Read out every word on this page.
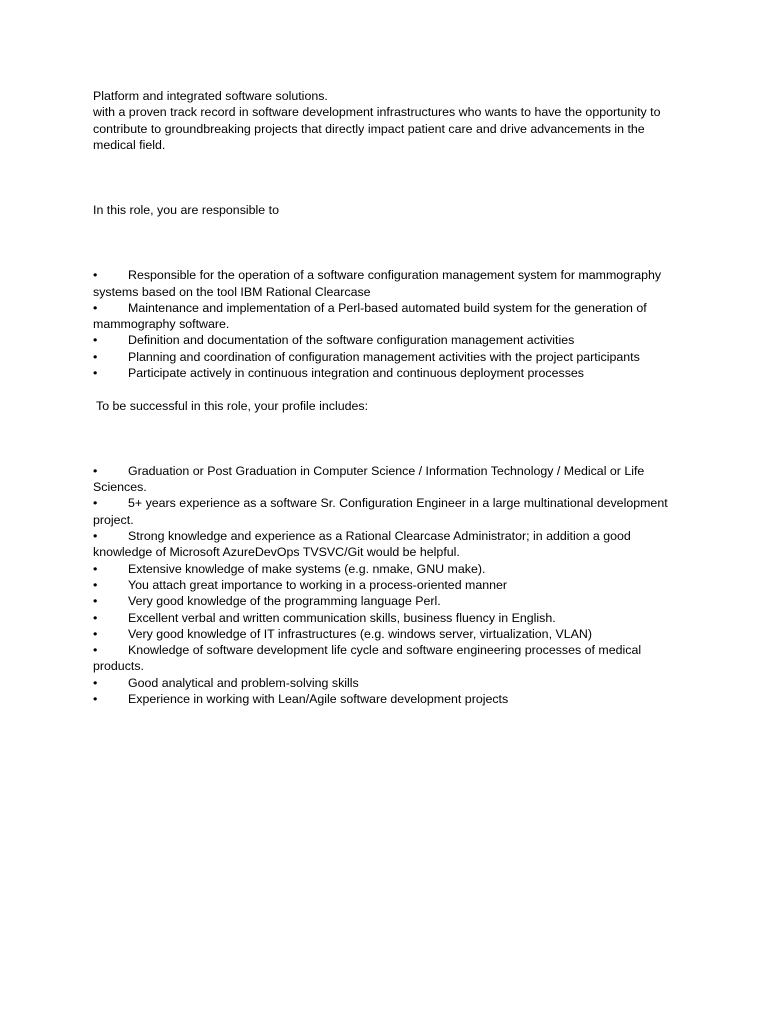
Platform and integrated software solutions.

with a proven track record in software development infrastructures who wants to have the opportunity to contribute to groundbreaking projects that directly impact patient care and drive advancements in the medical field.

In this role, you are responsible to

• Responsible for the operation of a software configuration management system for mammography systems based on the tool IBM Rational Clearcase
• Maintenance and implementation of a Perl-based automated build system for the generation of mammography software.
• Definition and documentation of the software configuration management activities
• Planning and coordination of configuration management activities with the project participants
• Participate actively in continuous integration and continuous deployment processes

To be successful in this role, your profile includes:

• Graduation or Post Graduation in Computer Science / Information Technology / Medical or Life Sciences.
• 5+ years experience as a software Sr. Configuration Engineer in a large multinational development project.
• Strong knowledge and experience as a Rational Clearcase Administrator; in addition a good knowledge of Microsoft AzureDevOps TVSVC/Git would be helpful.
• Extensive knowledge of make systems (e.g. nmake, GNU make).
• You attach great importance to working in a process-oriented manner
• Very good knowledge of the programming language Perl.
• Excellent verbal and written communication skills, business fluency in English.
• Very good knowledge of IT infrastructures (e.g. windows server, virtualization, VLAN)
• Knowledge of software development life cycle and software engineering processes of medical products.
• Good analytical and problem-solving skills
• Experience in working with Lean/Agile software development projects
